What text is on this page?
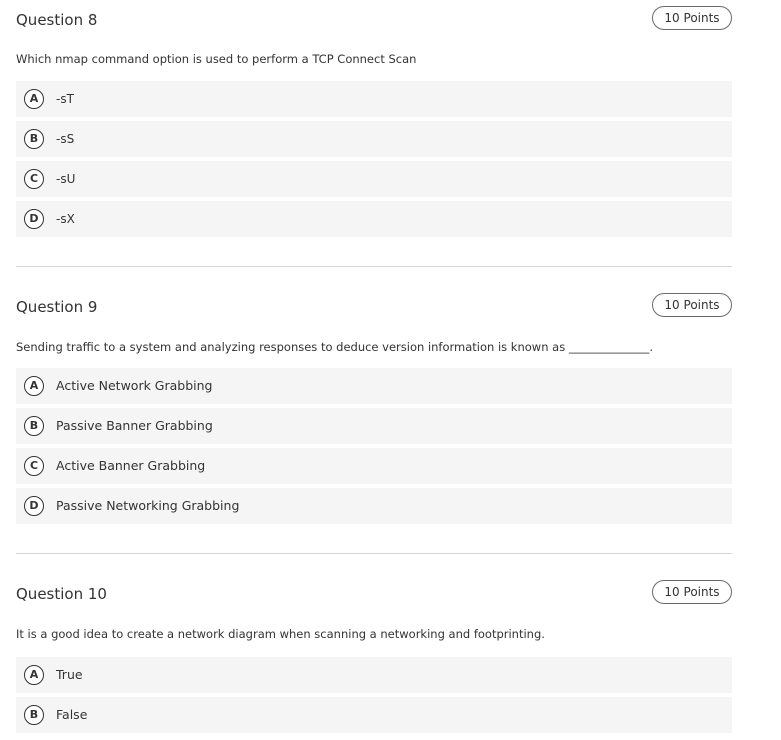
Question 8	10 Points
Which nmap command option is used to perform a TCP Connect Scan
A	-sT
B	-sS
C	-sU
D	-sX
Question 9	10 Points
Sending traffic to a system and analyzing responses to deduce version information is known as ______________.
A	Active Network Grabbing
B	Passive Banner Grabbing
C	Active Banner Grabbing
D	Passive Networking Grabbing
Question 10	10 Points
It is a good idea to create a network diagram when scanning a networking and footprinting.
A	True
B	False
